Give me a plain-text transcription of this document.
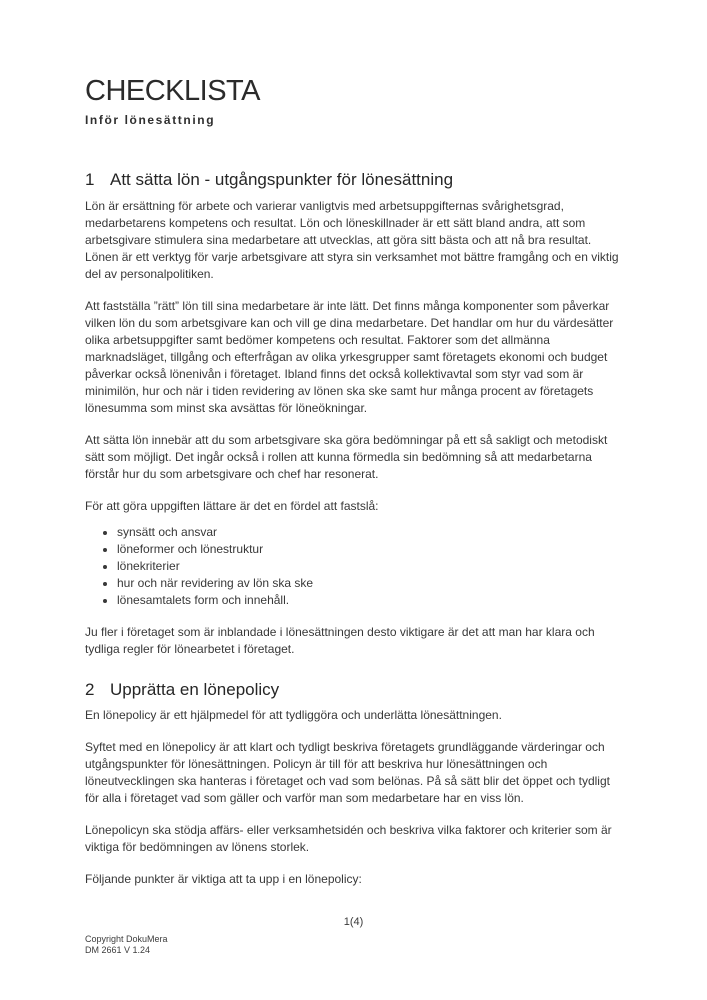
CHECKLISTA
Inför lönesättning
1 Att sätta lön - utgångspunkter för lönesättning

Lön är ersättning för arbete och varierar vanligtvis med arbetsuppgifternas svårighetsgrad, medarbetarens kompetens och resultat. Lön och löneskillnader är ett sätt bland andra, att som arbetsgivare stimulera sina medarbetare att utvecklas, att göra sitt bästa och att nå bra resultat. Lönen är ett verktyg för varje arbetsgivare att styra sin verksamhet mot bättre framgång och en viktig del av personalpolitiken.

Att fastställa ”rätt” lön till sina medarbetare är inte lätt. Det finns många komponenter som påverkar vilken lön du som arbetsgivare kan och vill ge dina medarbetare. Det handlar om hur du värdesätter olika arbetsuppgifter samt bedömer kompetens och resultat. Faktorer som det allmänna marknadsläget, tillgång och efterfrågan av olika yrkesgrupper samt företagets ekonomi och budget påverkar också lönenivån i företaget. Ibland finns det också kollektivavtal som styr vad som är minimilön, hur och när i tiden revidering av lönen ska ske samt hur många procent av företagets lönesumma som minst ska avsättas för löneökningar.

Att sätta lön innebär att du som arbetsgivare ska göra bedömningar på ett så sakligt och metodiskt sätt som möjligt. Det ingår också i rollen att kunna förmedla sin bedömning så att medarbetarna förstår hur du som arbetsgivare och chef har resonerat.

För att göra uppgiften lättare är det en fördel att fastslå:

• synsätt och ansvar
• löneformer och lönestruktur
• lönekriterier
• hur och när revidering av lön ska ske
• lönesamtalets form och innehåll.

Ju fler i företaget som är inblandade i lönesättningen desto viktigare är det att man har klara och tydliga regler för lönearbetet i företaget.

2 Upprätta en lönepolicy

En lönepolicy är ett hjälpmedel för att tydliggöra och underlätta lönesättningen.

Syftet med en lönepolicy är att klart och tydligt beskriva företagets grundläggande värderingar och utgångspunkter för lönesättningen. Policyn är till för att beskriva hur lönesättningen och löneutvecklingen ska hanteras i företaget och vad som belönas. På så sätt blir det öppet och tydligt för alla i företaget vad som gäller och varför man som medarbetare har en viss lön.

Lönepolicyn ska stödja affärs- eller verksamhetsidén och beskriva vilka faktorer och kriterier som är viktiga för bedömningen av lönens storlek.

Följande punkter är viktiga att ta upp i en lönepolicy:

1(4)
Copyright DokuMera
DM 2661 V 1.24
